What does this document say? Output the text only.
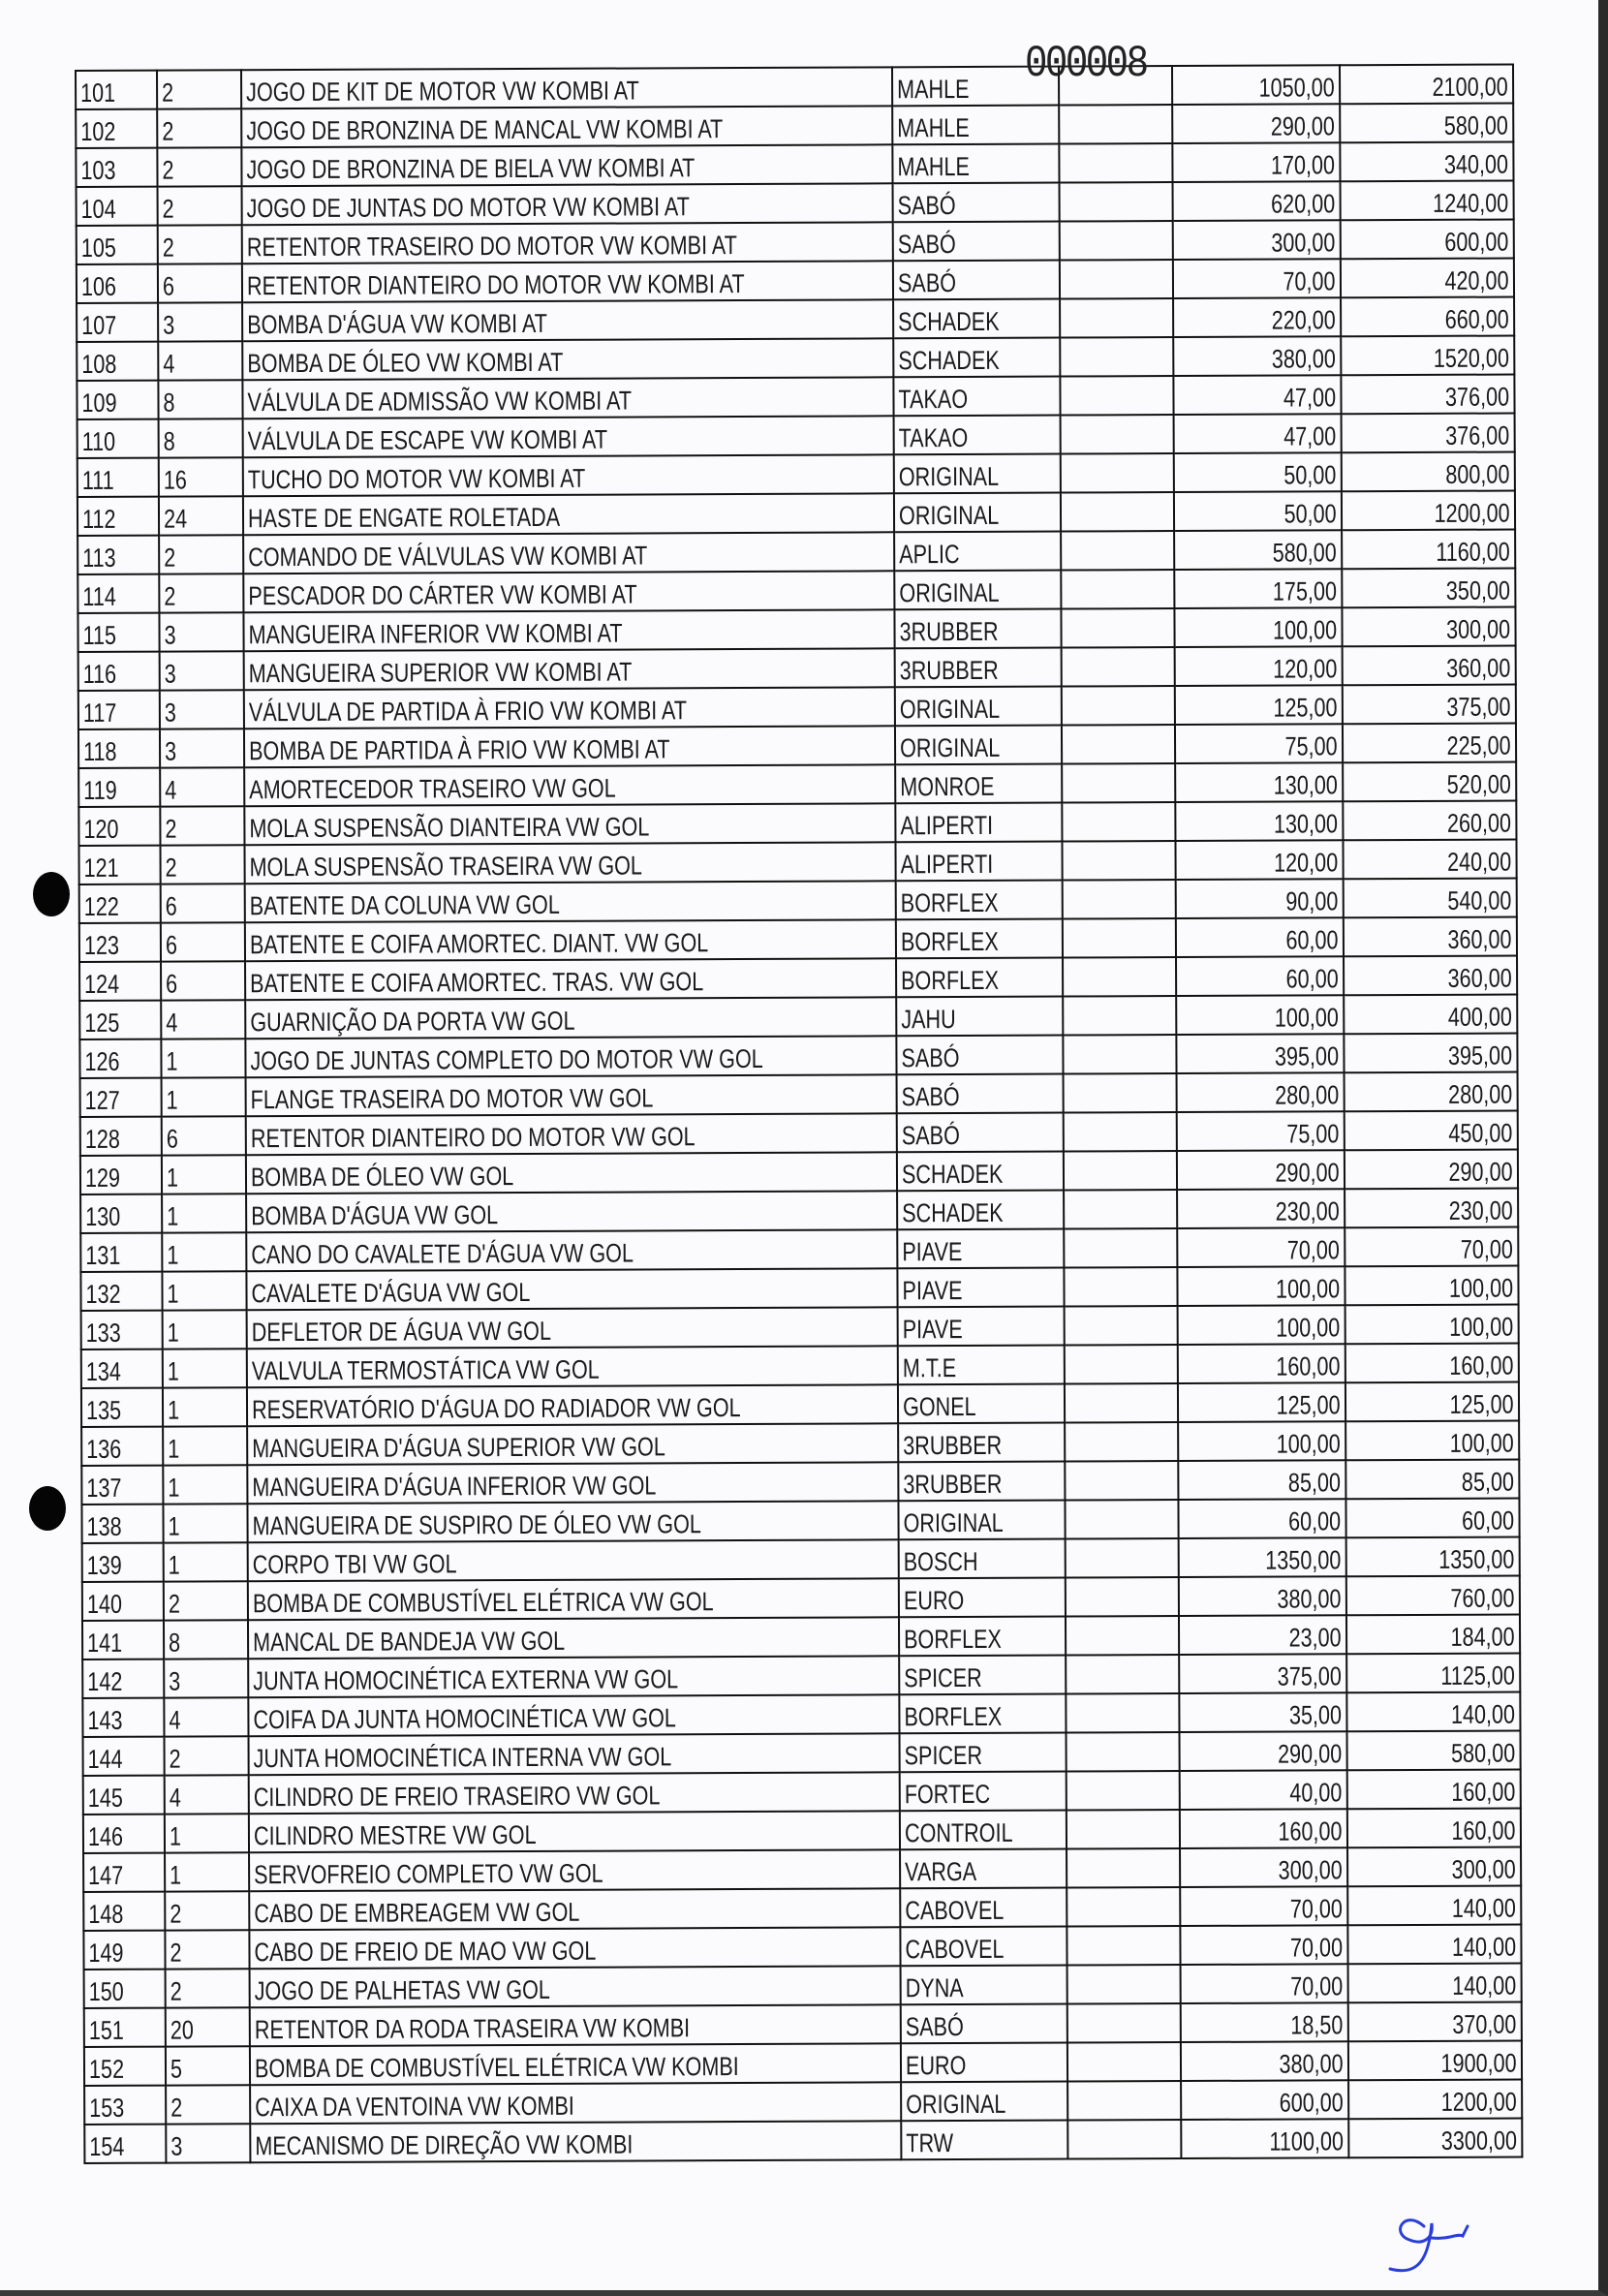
101	2	JOGO DE KIT DE MOTOR VW KOMBI AT	MAHLE		1050,00	2100,00
102	2	JOGO DE BRONZINA DE MANCAL VW KOMBI AT	MAHLE		290,00	580,00
103	2	JOGO DE BRONZINA DE BIELA VW KOMBI AT	MAHLE		170,00	340,00
104	2	JOGO DE JUNTAS DO MOTOR VW KOMBI AT	SABÓ		620,00	1240,00
105	2	RETENTOR TRASEIRO DO MOTOR VW KOMBI AT	SABÓ		300,00	600,00
106	6	RETENTOR DIANTEIRO DO MOTOR VW KOMBI AT	SABÓ		70,00	420,00
107	3	BOMBA D'ÁGUA VW KOMBI AT	SCHADEK		220,00	660,00
108	4	BOMBA DE ÓLEO VW KOMBI AT	SCHADEK		380,00	1520,00
109	8	VÁLVULA DE ADMISSÃO VW KOMBI AT	TAKAO		47,00	376,00
110	8	VÁLVULA DE ESCAPE VW KOMBI AT	TAKAO		47,00	376,00
111	16	TUCHO DO MOTOR VW KOMBI AT	ORIGINAL		50,00	800,00
112	24	HASTE DE ENGATE ROLETADA	ORIGINAL		50,00	1200,00
113	2	COMANDO DE VÁLVULAS VW KOMBI AT	APLIC		580,00	1160,00
114	2	PESCADOR DO CÁRTER VW KOMBI AT	ORIGINAL		175,00	350,00
115	3	MANGUEIRA INFERIOR VW KOMBI AT	3RUBBER		100,00	300,00
116	3	MANGUEIRA SUPERIOR VW KOMBI AT	3RUBBER		120,00	360,00
117	3	VÁLVULA DE PARTIDA À FRIO VW KOMBI AT	ORIGINAL		125,00	375,00
118	3	BOMBA DE PARTIDA À FRIO VW KOMBI AT	ORIGINAL		75,00	225,00
119	4	AMORTECEDOR TRASEIRO VW GOL	MONROE		130,00	520,00
120	2	MOLA SUSPENSÃO DIANTEIRA VW GOL	ALIPERTI		130,00	260,00
121	2	MOLA SUSPENSÃO TRASEIRA VW GOL	ALIPERTI		120,00	240,00
122	6	BATENTE DA COLUNA VW GOL	BORFLEX		90,00	540,00
123	6	BATENTE E COIFA AMORTEC. DIANT. VW GOL	BORFLEX		60,00	360,00
124	6	BATENTE E COIFA AMORTEC. TRAS. VW GOL	BORFLEX		60,00	360,00
125	4	GUARNIÇÃO DA PORTA VW GOL	JAHU		100,00	400,00
126	1	JOGO DE JUNTAS COMPLETO DO MOTOR VW GOL	SABÓ		395,00	395,00
127	1	FLANGE TRASEIRA DO MOTOR VW GOL	SABÓ		280,00	280,00
128	6	RETENTOR DIANTEIRO DO MOTOR VW GOL	SABÓ		75,00	450,00
129	1	BOMBA DE ÓLEO VW GOL	SCHADEK		290,00	290,00
130	1	BOMBA D'ÁGUA VW GOL	SCHADEK		230,00	230,00
131	1	CANO DO CAVALETE D'ÁGUA VW GOL	PIAVE		70,00	70,00
132	1	CAVALETE D'ÁGUA VW GOL	PIAVE		100,00	100,00
133	1	DEFLETOR DE ÁGUA VW GOL	PIAVE		100,00	100,00
134	1	VALVULA TERMOSTÁTICA VW GOL	M.T.E		160,00	160,00
135	1	RESERVATÓRIO D'ÁGUA DO RADIADOR VW GOL	GONEL		125,00	125,00
136	1	MANGUEIRA D'ÁGUA SUPERIOR VW GOL	3RUBBER		100,00	100,00
137	1	MANGUEIRA D'ÁGUA INFERIOR VW GOL	3RUBBER		85,00	85,00
138	1	MANGUEIRA DE SUSPIRO DE ÓLEO VW GOL	ORIGINAL		60,00	60,00
139	1	CORPO TBI VW GOL	BOSCH		1350,00	1350,00
140	2	BOMBA DE COMBUSTÍVEL ELÉTRICA VW GOL	EURO		380,00	760,00
141	8	MANCAL DE BANDEJA VW GOL	BORFLEX		23,00	184,00
142	3	JUNTA HOMOCINÉTICA EXTERNA VW GOL	SPICER		375,00	1125,00
143	4	COIFA DA JUNTA HOMOCINÉTICA VW GOL	BORFLEX		35,00	140,00
144	2	JUNTA HOMOCINÉTICA INTERNA VW GOL	SPICER		290,00	580,00
145	4	CILINDRO DE FREIO TRASEIRO VW GOL	FORTEC		40,00	160,00
146	1	CILINDRO MESTRE VW GOL	CONTROIL		160,00	160,00
147	1	SERVOFREIO COMPLETO VW GOL	VARGA		300,00	300,00
148	2	CABO DE EMBREAGEM VW GOL	CABOVEL		70,00	140,00
149	2	CABO DE FREIO DE MAO VW GOL	CABOVEL		70,00	140,00
150	2	JOGO DE PALHETAS VW GOL	DYNA		70,00	140,00
151	20	RETENTOR DA RODA TRASEIRA VW KOMBI	SABÓ		18,50	370,00
152	5	BOMBA DE COMBUSTÍVEL ELÉTRICA VW KOMBI	EURO		380,00	1900,00
153	2	CAIXA DA VENTOINA VW KOMBI	ORIGINAL		600,00	1200,00
154	3	MECANISMO DE DIREÇÃO VW KOMBI	TRW		1100,00	3300,00
000008
